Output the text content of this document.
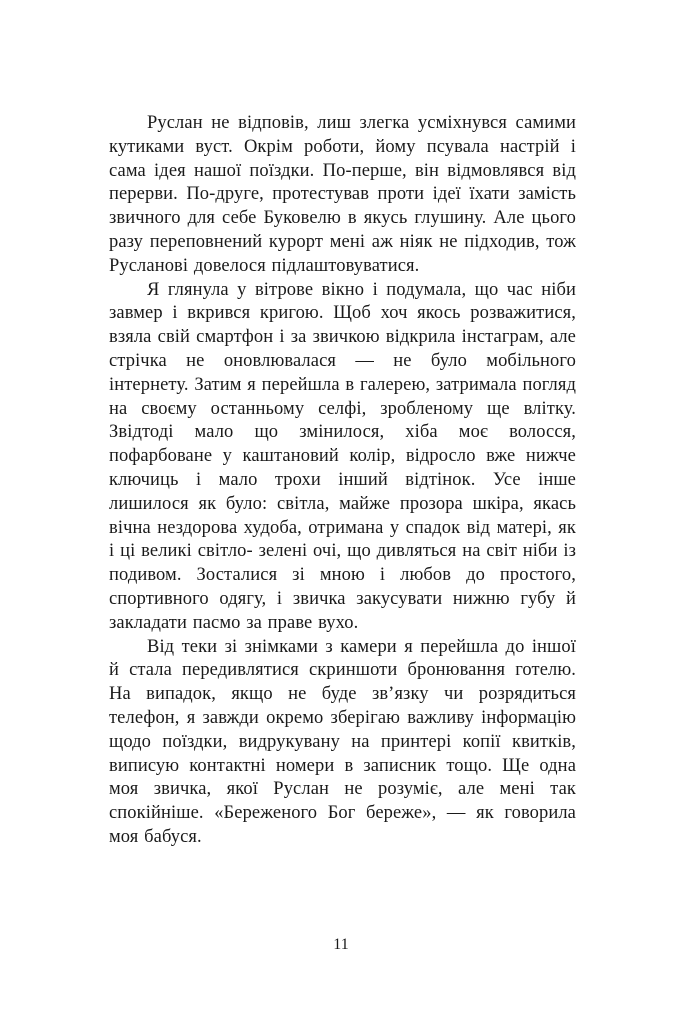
Руслан не відповів, лиш злегка усміхнувся самими кутиками вуст. Окрім роботи, йому псувала настрій і сама ідея нашої поїздки. По-перше, він відмовлявся від перерви. По-друге, протестував проти ідеї їхати замість звичного для себе Буковелю в якусь глушину. Але цього разу переповнений курорт мені аж ніяк не підходив, тож Русланові довелося підлаштовуватися.

Я глянула у вітрове вікно і подумала, що час ніби завмер і вкрився кригою. Щоб хоч якось розважитися, взяла свій смартфон і за звичкою відкрила інстаграм, але стрічка не оновлювалася — не було мобільного інтернету. Затим я перейшла в галерею, затримала погляд на своєму останньому селфі, зробленому ще влітку. Звідтоді мало що змінилося, хіба моє волосся, пофарбоване у каштановий колір, відросло вже нижче ключиць і мало трохи інший відтінок. Усе інше лишилося як було: світла, майже прозора шкіра, якась вічна нездорова худоба, отримана у спадок від матері, як і ці великі світло- зелені очі, що дивляться на світ ніби із подивом. Зосталися зі мною і любов до простого, спортивного одягу, і звичка закусувати нижню губу й закладати пасмо за праве вухо.

Від теки зі знімками з камери я перейшла до іншої й стала передивлятися скриншоти бронювання готелю. На випадок, якщо не буде зв’язку чи розрядиться телефон, я завжди окремо зберігаю важливу інформацію щодо поїздки, видрукувану на принтері копії квитків, виписую контактні номери в записник тощо. Ще одна моя звичка, якої Руслан не розуміє, але мені так спокійніше. «Береженого Бог береже», — як говорила моя бабуся.

11
